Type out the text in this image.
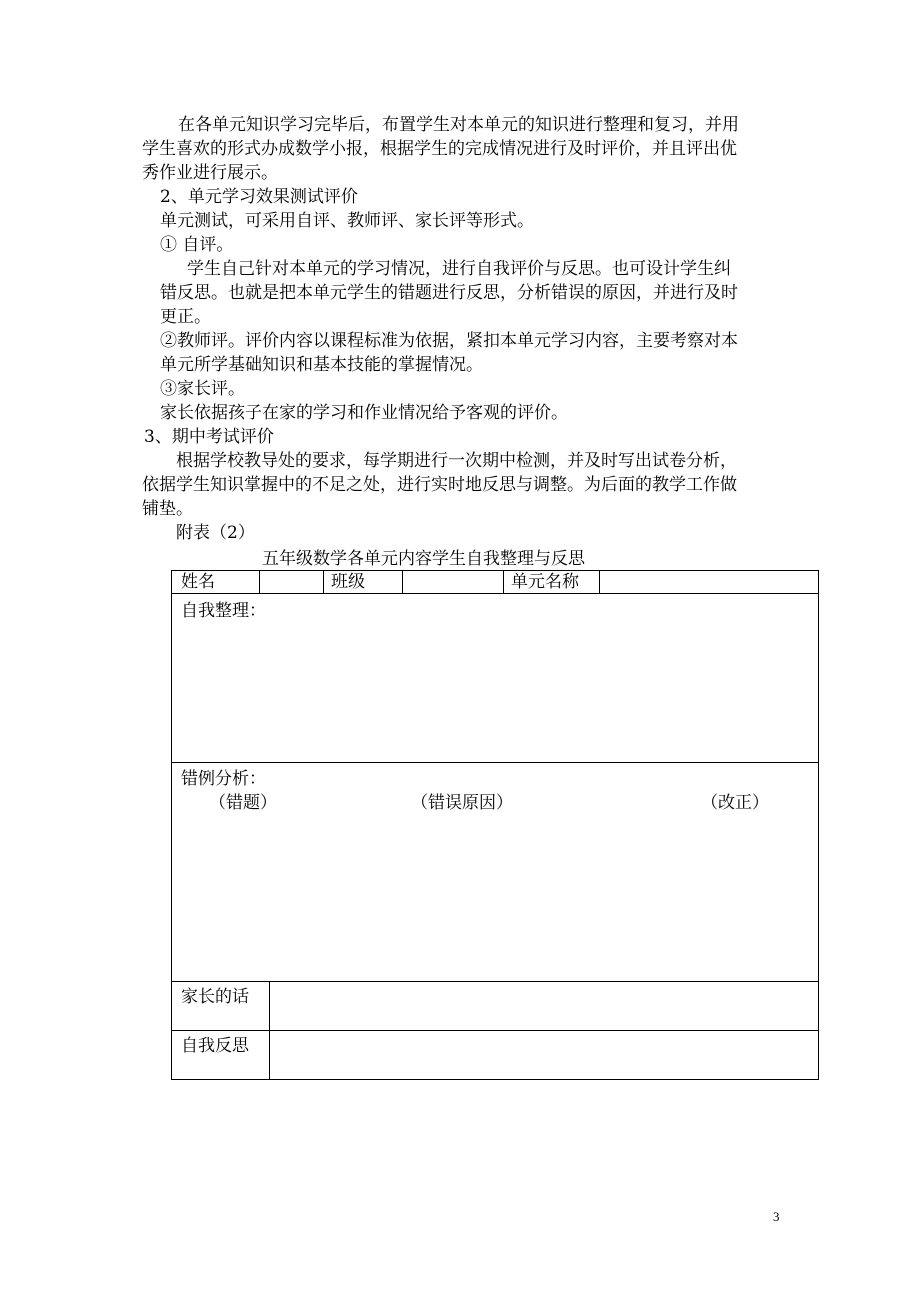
在各单元知识学习完毕后，布置学生对本单元的知识进行整理和复习，并用
学生喜欢的形式办成数学小报，根据学生的完成情况进行及时评价，并且评出优
秀作业进行展示。
2、单元学习效果测试评价
单元测试，可采用自评、教师评、家长评等形式。
① 自评。
学生自己针对本单元的学习情况，进行自我评价与反思。也可设计学生纠
错反思。也就是把本单元学生的错题进行反思，分析错误的原因，并进行及时
更正。
②教师评。评价内容以课程标准为依据，紧扣本单元学习内容，主要考察对本
单元所学基础知识和基本技能的掌握情况。
③家长评。
家长依据孩子在家的学习和作业情况给予客观的评价。
3、期中考试评价
根据学校教导处的要求，每学期进行一次期中检测，并及时写出试卷分析，
依据学生知识掌握中的不足之处，进行实时地反思与调整。为后面的教学工作做
铺垫。
附表（2）
五年级数学各单元内容学生自我整理与反思
姓名	班级	单元名称
自我整理：
错例分析：
（错题）	（错误原因）	（改正）
家长的话
自我反思
3
